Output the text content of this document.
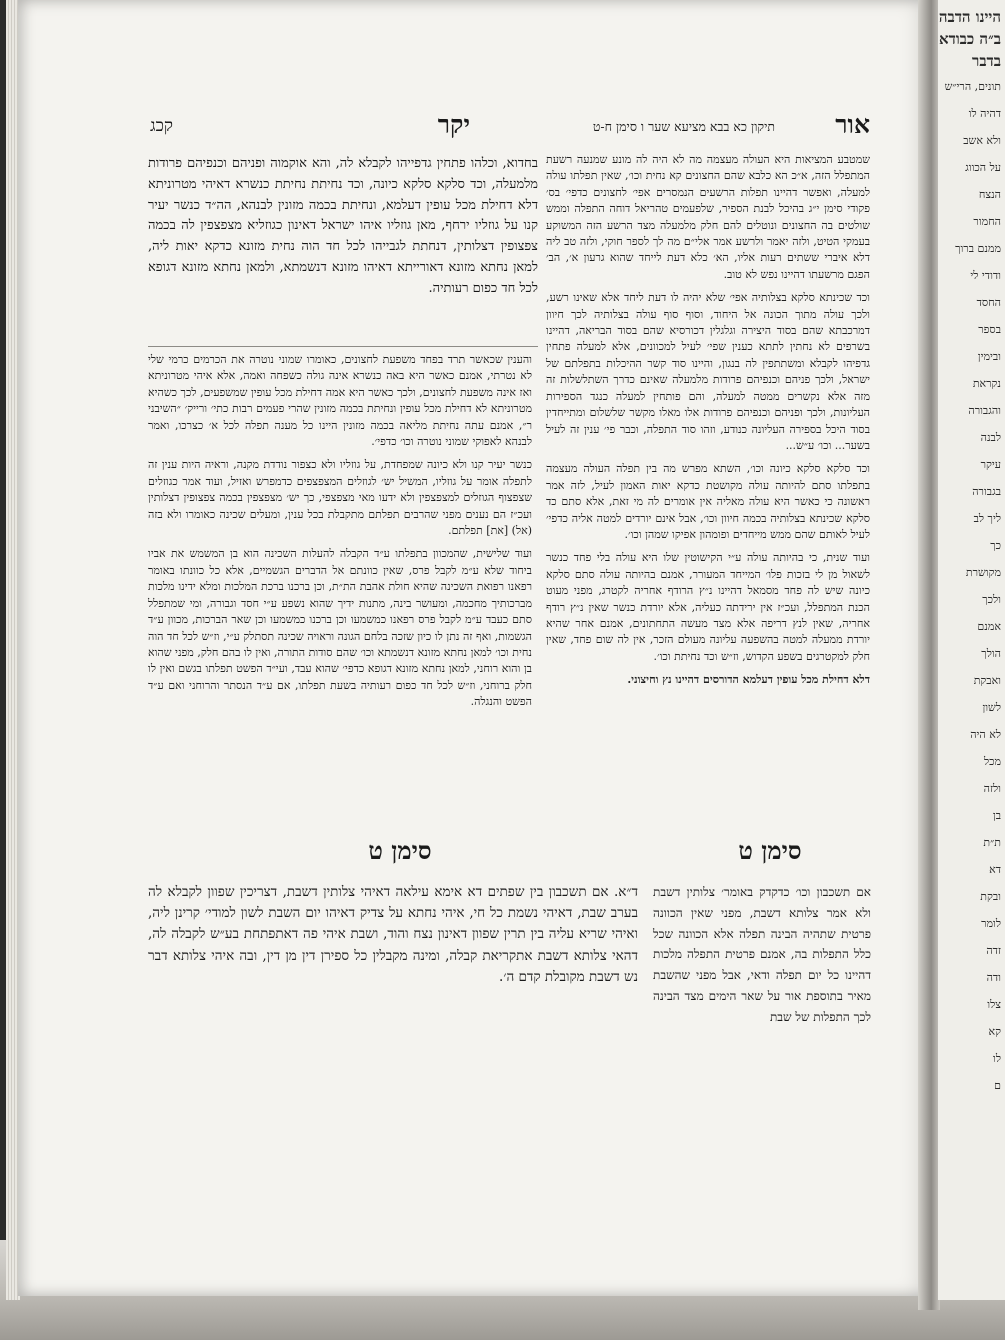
היינו הדבה
ב״ה כבודא
בדבר
תונים, הרי״ש
דהיה לו
ולא אשב
על הכווג
הנצח
החמור
ממנם ברוך
ודודי לי
החסד
בספר
ובימין
נקראת
והגבורה
לבנה
עיקר
בגבורה
ליך לב
כך
מקושרת
ולכך
אמנם
הולך
ואבקת
לשון
לא היה
מכל
ולזה
בן
ת״ת
דא
ובקת
לומר
זדה
ודה
צלו
קא
לו
ם
אור
תיקון כא בבא מציעא שער ו סימן ח-ט
יקר
קכג
בחדוא, וכלהו פתחין גדפייהו לקבלא לה, והא אוקמוה ופניהם וכנפיהם פרודות מלמעלה, וכד סלקא סלקא כיונה, וכד נחיתת נחיתת כנשרא דאיהי מטרוניתא דלא דחילת מכל עופין דעלמא, ונחיתת בכמה מזונין לבנהא, הה״ד כנשר יעיר קנו על גוזליו ירחף, מאן גוזליו איהו ישראל דאינון כגוזליא מצפצפין לה בכמה צפצופין דצלותין, דנחתת לגבייהו לכל חד הוה נחית מזונא כדקא יאות ליה, למאן נחתא מזונא דאורייתא דאיהו מזונא דנשמתא, ולמאן נחתא מזונא דגופא לכל חד כפום רעותיה.

והענין שכאשר תרד בפחד משפעת לחצונים, כאומרו שמוני נוטרה את הכרמים כרמי שלי לא נטרתי, אמנם כאשר היא באה כנשרא אינה גולה כשפחה ואמה, אלא איהי מטרוניתא ואז אינה משפעת לחצונים, ולכך כאשר היא אמה דחילת מכל עופין שמשפעים, לכך כשהיא מטרוניתא לא דחילת מכל עופין ונחיתת בכמה מזונין שהרי פעמים רבות כתי׳ ורייק׳ ״השיבני ר״, אמנם עתה נחיתת מליאה בכמה מזונין היינו כל מענה תפלה לכל א׳ כצרכו, ואמר לבנהא לאפוקי שמוני נוטרה וכו׳ כדפי׳.

כנשר יעיר קנו ולא כיונה שמפחדת, על גוזליו ולא כצפור נודדת מקנה, וראיה היות ענין זה לתפלה אומר על גוזליו, המשיל יש׳ לגוזלים המצפצפים כדמפרש ואזיל, ועוד אמר כגוזלים שצפצוף הגוזלים למצפצפין ולא ידעו מאי מצפצפי, כך יש׳ מצפצפין בכמה צפצופין דצלותין ועכ״ז הם נענים מפני שהרבים תפלתם מתקבלת בכל ענין, ומעלים שכינה כאומרו ולא בזה (אל) [את] תפלתם.

ועוד שלישית, שהמכוון בתפלתו ע״ד הקבלה להעלות השכינה הוא בן המשמש את אביו ביחוד שלא ע״מ לקבל פרס, שאין כוונתם אל הדברים הגשמיים, אלא כל כוונתו באומר רפאנו רפואת השכינה שהיא חולת אהבת הת״ת, וכן ברכנו ברכת המלכות ומלא ידינו מלכות מברכותיך מחכמה, ומעושר בינה, מתנות ידיך שהוא נשפע ע״י חסד וגבורה, ומי שמתפלל סתם כעבד ע״מ לקבל פרס רפאנו כמשמעו וכן ברכנו כמשמעו וכן שאר הברכות, מכוון ע״ד הגשמות, ואף זה נתן לו כיון שזכה בלחם הגונה וראויה שכינה תסתלק ע״י, וז״ש לכל חד הוה נחית וכו׳ למאן נחתא מזונא דנשמתא וכו׳ שהם סודות התורה, ואין לו בהם חלק, מפני שהוא בן והוא רוחני, למאן נחתא מזונא דגופא כדפי׳ שהוא עבד, ועי״ד הפשט תפלתו בגשם ואין לו חלק ברוחני, וז״ש לכל חד כפום רעותיה בשעת תפלתו, אם ע״ד הנסתר והרוחני ואם ע״ד הפשט והנגלה.

שמטבע המציאות היא העולה מעצמה מה לא היה לה מונע שמנעה רשעת המתפלל הזה, א״כ הא כלבא שהם החצונים קא נחית וכו׳, שאין תפלתו עולה למעלה, ואפשר דהיינו תפלות הרשעים הנמסרים אפי׳ לחצונים כדפי׳ בס׳ פקודי סימן י״ג בהיכל לבנת הספיר, שלפעמים טהריאל דוחה התפלה וממש שולטים בה החצונים ונוטלים להם חלק מלמעלה מצד הרשע הזה המשוקע בעמקי הטיט, ולזה יאמר ולרשע אמר אלי״ם מה לך לספר חוקי, ולזה טב ליה דלא איברי ששתים רעות אליו, הא׳ כלא דעת לייחד שהוא גרעון א׳, הב׳ הפגם מרשעתו דהיינו נפש לא טוב.

וכד שכינתא סלקא בצלותיה אפי׳ שלא יהיה לו דעת ליחד אלא שאינו רשע, ולכך עולה מתוך הכונה אל היחוד, וסוף סוף עולה בצלותיה לכך חיוון דמרכבתא שהם בסוד היצירה וגלגלין דכורסיא שהם בסוד הבריאה, דהיינו בשרפים לא נחתין לתתא כענין שפי׳ לעיל למכוונים, אלא למעלה פתחין גדפיהו לקבלא ומשתתפין לה בנגון, והיינו סוד קשר ההיכלות בתפלתם של ישראל, ולכך פניהם וכנפיהם פרודות מלמעלה שאינם כדרך השתלשלות זה מזה אלא נקשרים ממטה למעלה, והם פותחין למעלה כנגד הספירות העליונות, ולכך ופניהם וכנפיהם פרודות אלו מאלו מקשר שלשלום ומתייחדין בסוד היכל בספירה העליונה כנודע, וזהו סוד התפלה, וכבר פי׳ ענין זה לעיל בשער... וכו׳ ע״ש...

וכד סלקא סלקא כיונה וכו׳, השתא מפרש מה בין תפלה העולה מעצמה בתפלתו סתם להיותה עולה מקושטת כדקא יאות האמון לעיל, לזה אמר ראשונה כי כאשר היא עולה מאליה אין אומרים לה מי זאת, אלא סתם כד סלקא שכינתא בצלותיה בכמה חיוון וכו׳, אבל אינם יורדים למטה אליה כדפי׳ לעיל לאותם שהם ממש מייחדים ופומהון אפיקו שמהן וכו׳.

ועוד שנית, כי בהיותה עולה ע״י הקישוטין שלו היא עולה בלי פחד כנשר לשאול מן לי בזכות פלו׳ המייחד המעורר, אמנם בהיותה עולה סתם סלקא כיונה שיש לה פחד מסמאל דהיינו נ״ץ הרודף אחריה לקטרג, מפני מעוט הכנת המתפלל, ועכ״ז אין ירידתה כעליה, אלא יורדת כנשר שאין נ״ץ רודף אחריה, שאין לנץ דריפה אלא מצד מעשה התחתונים, אמנם אחר שהיא יורדת ממעלה למטה בהשפעה עליונה מעולם הזכר, אין לה שום פחד, שאין חלק למקטרגים בשפע הקדוש, וז״ש וכד נחיתת וכו׳.

דלא דחילת מכל עופין דעלמא הדורסים דהיינו נץ וחיצוני.

סימן ט	סימן ט
ד״א. אם תשכבון בין שפתים דא אימא עילאה דאיהי צלותין דשבת, דצריכין שפוון לקבלא לה בערב שבת, דאיהי נשמת כל חי, איהי נחתא על צדיק דאיהו יום השבת לשון למודי׳ קרינן ליה, ואיהי שריא עליה בין תרין שפוון דאינון נצח והוד, ושבת איהי פה דאתפתחת בע״ש לקבלה לה, דהאי צלותא דשבת אתקריאת קבלה, ומינה מקבלין כל ספירן דין מן דין, ובה איהי צלותא דבר נש דשבת מקובלת קדם ה׳.
אם תשכבון וכו׳ כדקדק באומר׳ צלותין דשבת ולא אמר צלותא דשבת, מפני שאין הכוונה פרטית שתהיה הבינה תפלה אלא הכוונה שכל כלל התפלות בה, אמנם פרטית התפלה מלכות דהיינו כל יום תפלה ודאי, אבל מפני שהשבת מאיר בתוספת אור על שאר הימים מצד הבינה לכך התפלות של שבת
